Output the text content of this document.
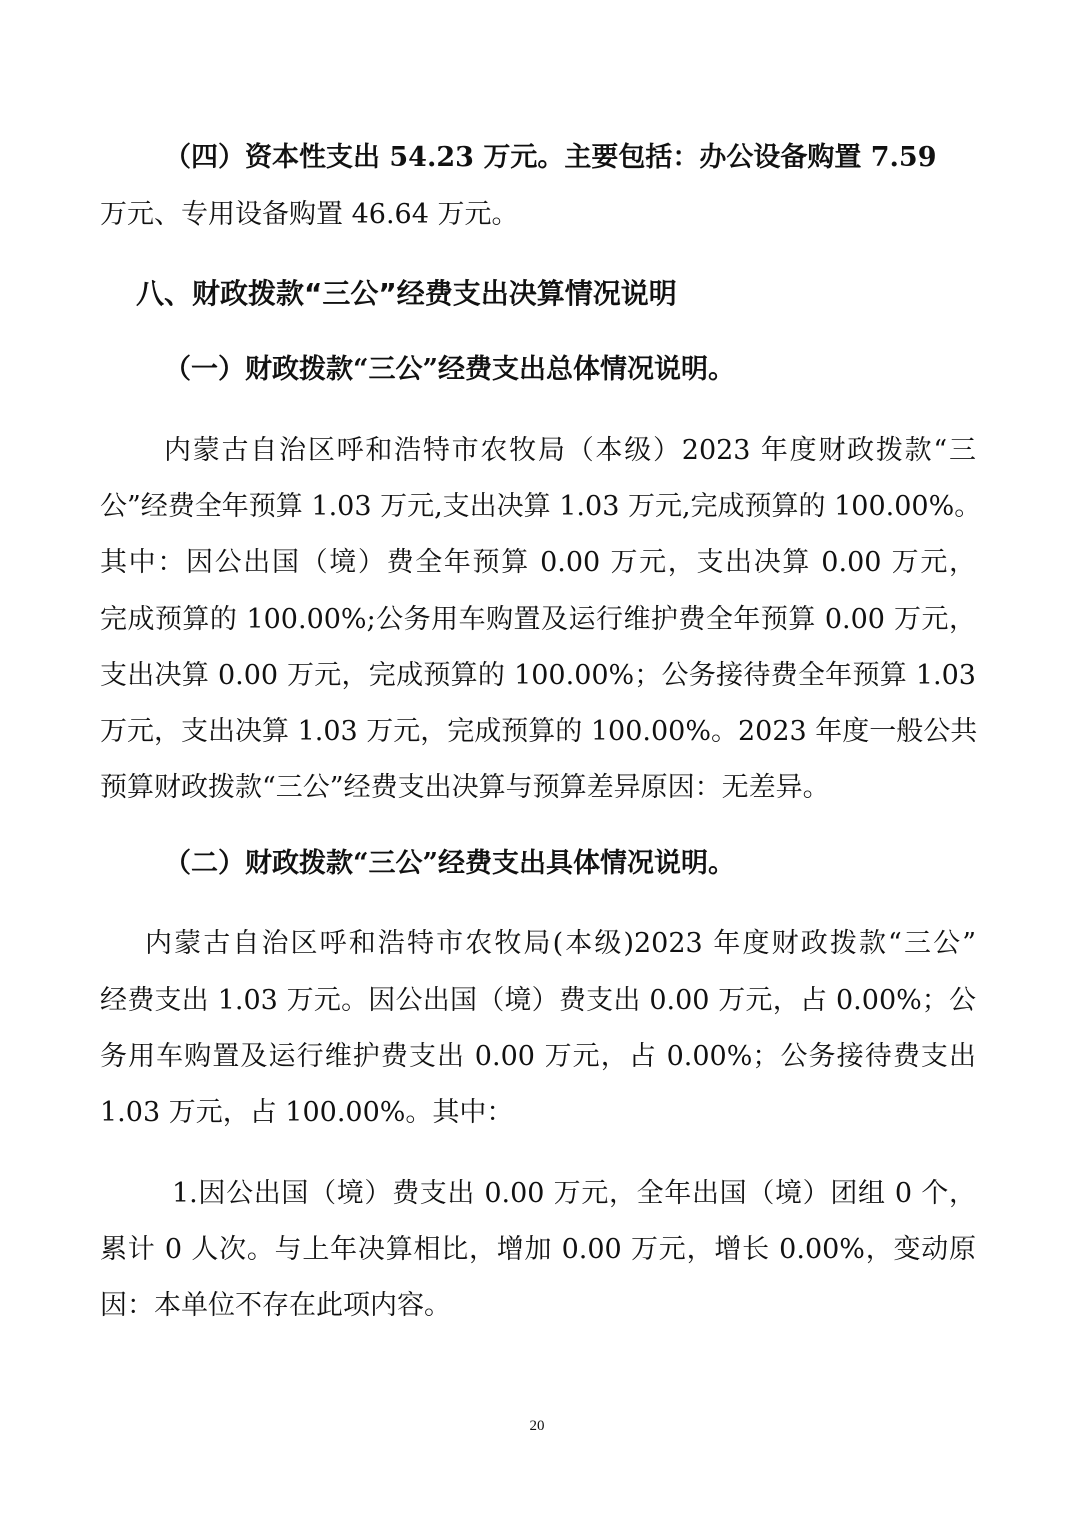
（四）资本性支出 54.23 万元。主要包括：办公设备购置 7.59

万元、专用设备购置 46.64 万元。

八、财政拨款“三公”经费支出决算情况说明

（一）财政拨款“三公”经费支出总体情况说明。

内蒙古自治区呼和浩特市农牧局（本级）2023 年度财政拨款“三

公”经费全年预算 1.03 万元,支出决算 1.03 万元,完成预算的 100.00%。

其中：因公出国（境）费全年预算 0.00 万元，支出决算 0.00 万元，

完成预算的 100.00%;公务用车购置及运行维护费全年预算 0.00 万元，

支出决算 0.00 万元，完成预算的 100.00%；公务接待费全年预算 1.03

万元，支出决算 1.03 万元，完成预算的 100.00%。2023 年度一般公共

预算财政拨款“三公”经费支出决算与预算差异原因：无差异。

（二）财政拨款“三公”经费支出具体情况说明。

内蒙古自治区呼和浩特市农牧局(本级)2023 年度财政拨款“三公”

经费支出 1.03 万元。因公出国（境）费支出 0.00 万元，占 0.00%；公

务用车购置及运行维护费支出 0.00 万元，占 0.00%；公务接待费支出

1.03 万元，占 100.00%。其中：

1.因公出国（境）费支出 0.00 万元，全年出国（境）团组 0 个，

累计 0 人次。与上年决算相比，增加 0.00 万元，增长 0.00%，变动原

因：本单位不存在此项内容。

20
